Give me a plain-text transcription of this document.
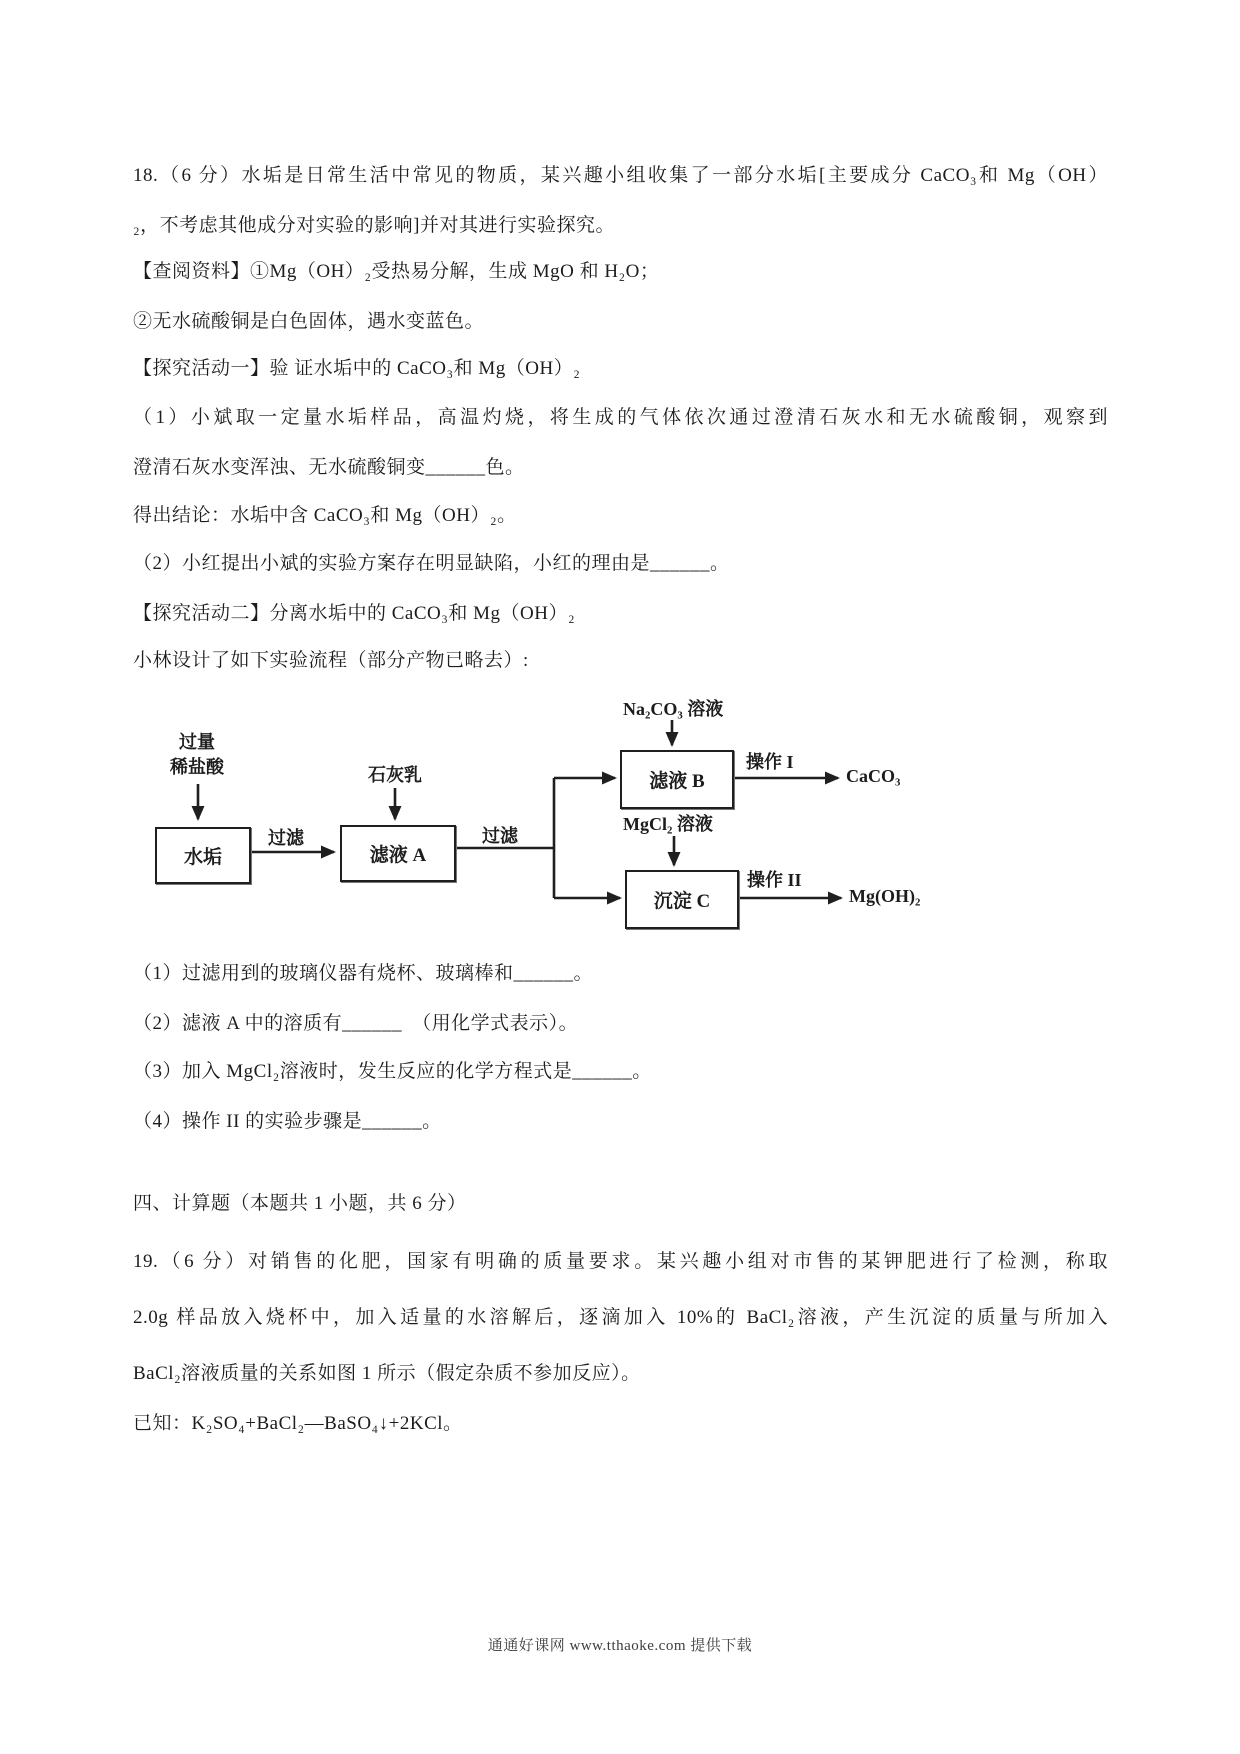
18.（6 分）水垢是日常生活中常见的物质，某兴趣小组收集了一部分水垢[主要成分 CaCO₃和 Mg（OH）
₂，不考虑其他成分对实验的影响]并对其进行实验探究。
【查阅资料】①Mg（OH）₂受热易分解，生成 MgO 和 H₂O；
②无水硫酸铜是白色固体，遇水变蓝色。
【探究活动一】验 证水垢中的 CaCO₃和 Mg（OH）₂
（1）小斌取一定量水垢样品，高温灼烧，将生成的气体依次通过澄清石灰水和无水硫酸铜，观察到
澄清石灰水变浑浊、无水硫酸铜变______色。
得出结论：水垢中含 CaCO₃和 Mg（OH）₂。
（2）小红提出小斌的实验方案存在明显缺陷，小红的理由是______。
【探究活动二】分离水垢中的 CaCO₃和 Mg（OH）₂
小林设计了如下实验流程（部分产物已略去）:
过量
稀盐酸
水垢
过滤
石灰乳
滤液 A
过滤
Na₂CO₃ 溶液
滤液 B
操作 I
CaCO₃
MgCl₂ 溶液
沉淀 C
操作 II
Mg(OH)₂
（1）过滤用到的玻璃仪器有烧杯、玻璃棒和______。
（2）滤液 A 中的溶质有______　（用化学式表示）。
（3）加入 MgCl₂溶液时，发生反应的化学方程式是______。
（4）操作 II 的实验步骤是______。
四、计算题（本题共 1 小题，共 6 分）
19.（6 分）对销售的化肥，国家有明确的质量要求。某兴趣小组对市售的某钾肥进行了检测，称取
2.0g 样品放入烧杯中，加入适量的水溶解后，逐滴加入 10%的 BaCl₂溶液，产生沉淀的质量与所加入
BaCl₂溶液质量的关系如图 1 所示（假定杂质不参加反应）。
已知：K₂SO₄+BaCl₂—BaSO₄↓+2KCl。
通通好课网 www.tthaoke.com 提供下载
